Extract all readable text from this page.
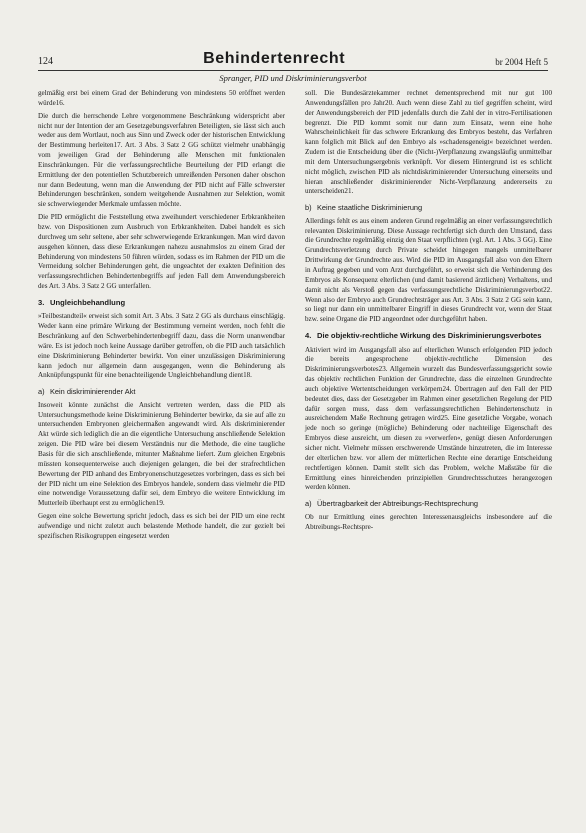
124	Behindertenrecht	br 2004 Heft 5
Spranger, PID und Diskriminierungsverbot

gelmäßig erst bei einem Grad der Behinderung von mindestens 50 eröffnet werden würde16.

Die durch die herrschende Lehre vorgenommene Beschränkung widerspricht aber nicht nur der Intention der am Gesetzgebungsverfahren Beteiligten, sie lässt sich auch weder aus dem Wortlaut, noch aus Sinn und Zweck oder der historischen Entwicklung der Bestimmung herleiten17. Art. 3 Abs. 3 Satz 2 GG schützt vielmehr unabhängig vom jeweiligen Grad der Behinderung alle Menschen mit funktionalen Einschränkungen. Für die verfassungsrechtliche Beurteilung der PID erlangt die Ermittlung der den potentiellen Schutzbereich umreißenden Personen daher obschon nur dann Bedeutung, wenn man die Anwendung der PID nicht auf Fälle schwerster Behinderungen beschränken, sondern weitgehende Ausnahmen zur Selektion, womit sie schwerwiegender Merkmale umfassen möchte.

Die PID ermöglicht die Feststellung etwa zweihundert verschiedener Erbkrankheiten bzw. von Dispositionen zum Ausbruch von Erbkrankheiten. Dabei handelt es sich durchweg um sehr seltene, aber sehr schwerwiegende Erkrankungen. Man wird davon ausgehen können, dass diese Erkrankungen nahezu ausnahmslos zu einem Grad der Behinderung von mindestens 50 führen würden, sodass es im Rahmen der PID um die Vermeidung solcher Behinderungen geht, die ungeachtet der exakten Definition des verfassungsrechtlichen Behindertenbegriffs auf jeden Fall dem Anwendungsbereich des Art. 3 Abs. 3 Satz 2 GG unterfallen.

3. Ungleichbehandlung

»Teilbestandteil« erweist sich somit Art. 3 Abs. 3 Satz 2 GG als durchaus einschlägig. Weder kann eine primäre Wirkung der Bestimmung verneint werden, noch fehlt die Beschränkung auf den Schwerbehindertenbegriff dazu, dass die Norm unanwendbar wäre. Es ist jedoch noch keine Aussage darüber getroffen, ob die PID auch tatsächlich eine Diskriminierung Behinderter bewirkt. Von einer unzulässigen Diskriminierung kann jedoch nur allgemein dann ausgegangen, wenn die Behinderung als Anknüpfungspunkt für eine benachteiligende Ungleichbehandlung dient18.

a) Kein diskriminierender Akt

Insoweit könnte zunächst die Ansicht vertreten werden, dass die PID als Untersuchungsmethode keine Diskriminierung Behinderter bewirke, da sie auf alle zu untersuchenden Embryonen gleichermaßen angewandt wird. Als diskriminierender Akt würde sich lediglich die an die eigentliche Untersuchung anschließende Selektion zeigen. Die PID wäre bei diesem Verständnis nur die Methode, die eine taugliche Basis für die sich anschließende, mitunter Maßnahme liefert. Zum gleichen Ergebnis müssten konsequenterweise auch diejenigen gelangen, die bei der strafrechtlichen Bewertung der PID anhand des Embryonenschutzgesetzes vorbringen, dass es sich bei der PID nicht um eine Selektion des Embryos handele, sondern dass vielmehr die PID eine notwendige Voraussetzung dafür sei, dem Embryo die weitere Entwicklung im Mutterleib überhaupt erst zu ermöglichen19.

Gegen eine solche Bewertung spricht jedoch, dass es sich bei der PID um eine recht aufwendige und nicht zuletzt auch belastende Methode handelt, die zur gezielt bei spezifischen Risikogruppen eingesetzt werden

soll. Die Bundesärztekammer rechnet dementsprechend mit nur gut 100 Anwendungsfällen pro Jahr20. Auch wenn diese Zahl zu tief gegriffen scheint, wird der Anwendungsbereich der PID jedenfalls durch die Zahl der in vitro-Fertilisationen begrenzt. Die PID kommt somit nur dann zum Einsatz, wenn eine hohe Wahrscheinlichkeit für das schwere Erkrankung des Embryos besteht, das Verfahren kann folglich mit Blick auf den Embryo als »schadensgeneigt« bezeichnet werden. Zudem ist die Entscheidung über die (Nicht-)Verpflanzung zwangsläufig unmittelbar mit dem Untersuchungsergebnis verknüpft. Vor diesem Hintergrund ist es schlicht nicht möglich, zwischen PID als nichtdiskriminierender Untersuchung einerseits und hieran anschließender diskriminierender Nicht-Verpflanzung andererseits zu unterscheiden21.

b) Keine staatliche Diskriminierung

Allerdings fehlt es aus einem anderen Grund regelmäßig an einer verfassungsrechtlich relevanten Diskriminierung. Diese Aussage rechtfertigt sich durch den Umstand, dass die Grundrechte regelmäßig einzig den Staat verpflichten (vgl. Art. 1 Abs. 3 GG). Eine Grundrechtsverletzung durch Private scheidet hingegen mangels unmittelbarer Drittwirkung der Grundrechte aus. Wird die PID im Ausgangsfall also von den Eltern in Auftrag gegeben und vom Arzt durchgeführt, so erweist sich die Verhinderung des Embryos als Konsequenz elterlichen (und damit basierend ärztlichen) Verhaltens, und damit nicht als Verstoß gegen das verfassungsrechtliche Diskriminierungsverbot22. Wenn also der Embryo auch Grundrechtsträger aus Art. 3 Abs. 3 Satz 2 GG sein kann, so liegt nur dann ein unmittelbarer Eingriff in dieses Grundrecht vor, wenn der Staat bzw. seine Organe die PID angeordnet oder durchgeführt haben.

4. Die objektiv-rechtliche Wirkung des Diskriminierungsverbotes

Aktiviert wird im Ausgangsfall also auf elterlichen Wunsch erfolgenden PID jedoch die bereits angesprochene objektiv-rechtliche Dimension des Diskriminierungsverbotes23. Allgemein wurzelt das Bundesverfassungsgericht sowie das objektiv rechtlichen Funktion der Grundrechte, dass die einzelnen Grundrechte auch objektive Wertentscheidungen verkörpern24. Übertragen auf den Fall der PID bedeutet dies, dass der Gesetzgeber im Rahmen einer gesetzlichen Regelung der PID dafür sorgen muss, dass dem verfassungsrechtlichen Behindertenschutz in ausreichendem Maße Rechnung getragen wird25. Eine gesetzliche Vorgabe, wonach jede noch so geringe (mögliche) Behinderung oder nachteilige Eigenschaft des Embryos diese ausreicht, um diesen zu »verwerfen«, genügt diesen Anforderungen sicher nicht. Vielmehr müssen erschwerende Umstände hinzutreten, die im Interesse der elterlichen bzw. vor allem der mütterlichen Rechte eine derartige Entscheidung rechtfertigen können. Damit stellt sich das Problem, welche Maßstäbe für die Ermittlung eines hinreichenden prinzipiellen Grundrechtsschutzes herangezogen werden können.

a) Übertragbarkeit der Abtreibungs-Rechtsprechung

Ob nur Ermittlung eines gerechten Interessenausgleichs insbesondere auf die Abtreibungs-Rechtspre-
